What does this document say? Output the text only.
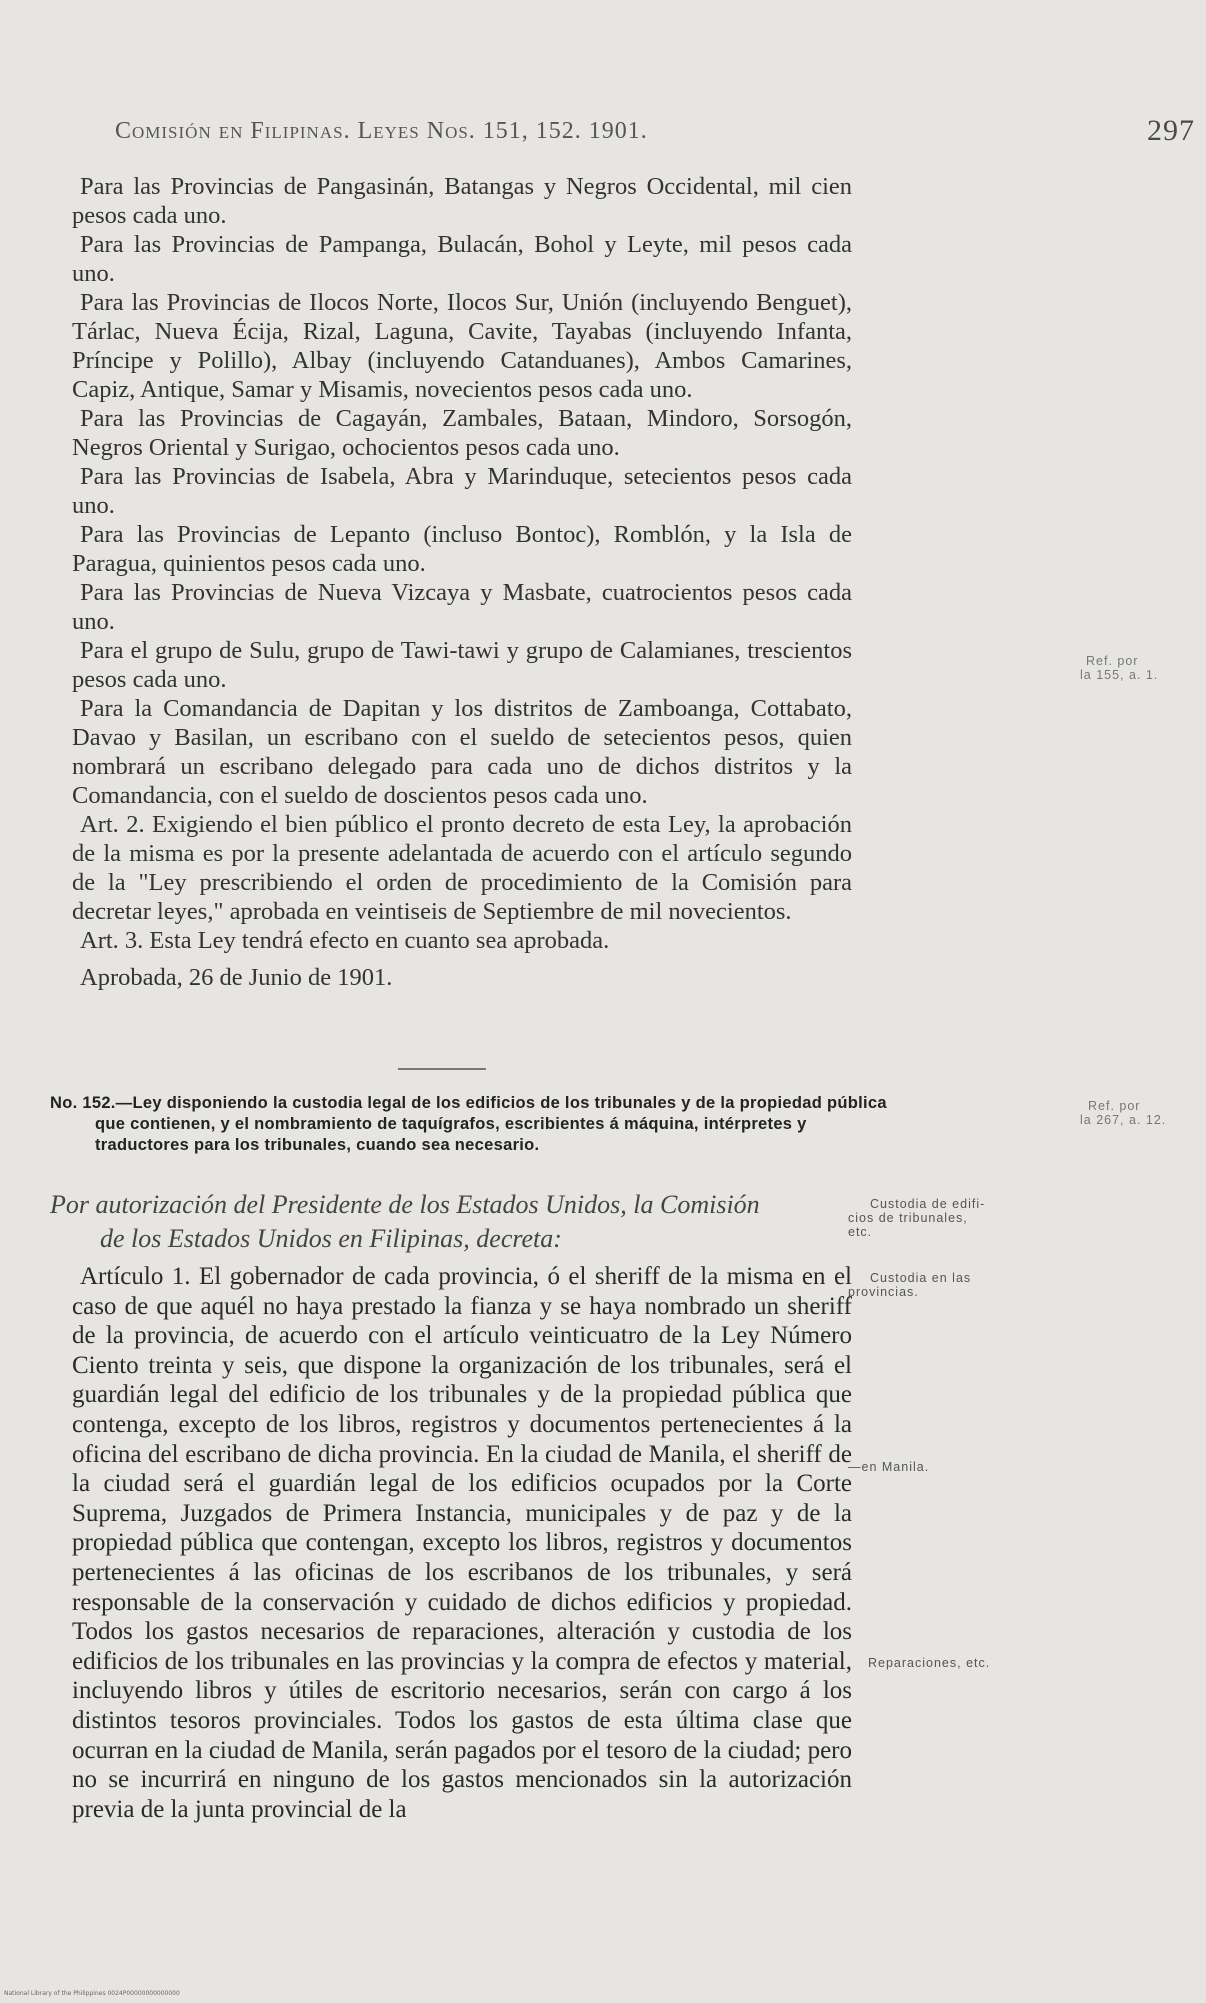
Comisión en Filipinas. Leyes Nos. 151, 152. 1901.	297

Para las Provincias de Pangasinán, Batangas y Negros Occidental, mil cien pesos cada uno.

Para las Provincias de Pampanga, Bulacán, Bohol y Leyte, mil pesos cada uno.

Para las Provincias de Ilocos Norte, Ilocos Sur, Unión (incluyendo Benguet), Tárlac, Nueva Écija, Rizal, Laguna, Cavite, Tayabas (incluyendo Infanta, Príncipe y Polillo), Albay (incluyendo Catanduanes), Ambos Camarines, Capiz, Antique, Samar y Misamis, novecientos pesos cada uno.

Para las Provincias de Cagayán, Zambales, Bataan, Mindoro, Sorsogón, Negros Oriental y Surigao, ochocientos pesos cada uno.

Para las Provincias de Isabela, Abra y Marinduque, setecientos pesos cada uno.

Para las Provincias de Lepanto (incluso Bontoc), Romblón, y la Isla de Paragua, quinientos pesos cada uno.

Para las Provincias de Nueva Vizcaya y Masbate, cuatrocientos pesos cada uno.

Para el grupo de Sulu, grupo de Tawi-tawi y grupo de Calamianes, trescientos pesos cada uno.

Para la Comandancia de Dapitan y los distritos de Zamboanga, Cottabato, Davao y Basilan, un escribano con el sueldo de setecientos pesos, quien nombrará un escribano delegado para cada uno de dichos distritos y la Comandancia, con el sueldo de doscientos pesos cada uno.

Art. 2. Exigiendo el bien público el pronto decreto de esta Ley, la aprobación de la misma es por la presente adelantada de acuerdo con el artículo segundo de la "Ley prescribiendo el orden de procedimiento de la Comisión para decretar leyes," aprobada en veintiseis de Septiembre de mil novecientos.

Art. 3. Esta Ley tendrá efecto en cuanto sea aprobada.

Aprobada, 26 de Junio de 1901.

No. 152.—Ley disponiendo la custodia legal de los edificios de los tribunales y de la propiedad pública que contienen, y el nombramiento de taquígrafos, escribientes á máquina, intérpretes y traductores para los tribunales, cuando sea necesario.
Por autorización del Presidente de los Estados Unidos, la Comisión
de los Estados Unidos en Filipinas, decreta:

Artículo 1. El gobernador de cada provincia, ó el sheriff de la misma en el caso de que aquél no haya prestado la fianza y se haya nombrado un sheriff de la provincia, de acuerdo con el artículo veinticuatro de la Ley Número Ciento treinta y seis, que dispone la organización de los tribunales, será el guardián legal del edificio de los tribunales y de la propiedad pública que contenga, excepto de los libros, registros y documentos pertenecientes á la oficina del escribano de dicha provincia. En la ciudad de Manila, el sheriff de la ciudad será el guardián legal de los edificios ocupados por la Corte Suprema, Juzgados de Primera Instancia, municipales y de paz y de la propiedad pública que contengan, excepto los libros, registros y documentos pertenecientes á las oficinas de los escribanos de los tribunales, y será responsable de la conservación y cuidado de dichos edificios y propiedad. Todos los gastos necesarios de reparaciones, alteración y custodia de los edificios de los tribunales en las provincias y la compra de efectos y material, incluyendo libros y útiles de escritorio necesarios, serán con cargo á los distintos tesoros provinciales. Todos los gastos de esta última clase que ocurran en la ciudad de Manila, serán pagados por el tesoro de la ciudad; pero no se incurrirá en ninguno de los gastos mencionados sin la autorización previa de la junta provincial de la

Ref. por
la 155, a. 1.
Ref. por
la 267, a. 12.
Custodia de edifi-
cios de tribunales,
etc.
Custodia en las
provincias.
—en Manila.
Reparaciones, etc.
National Library of the Philippines 0024P00000000000000
